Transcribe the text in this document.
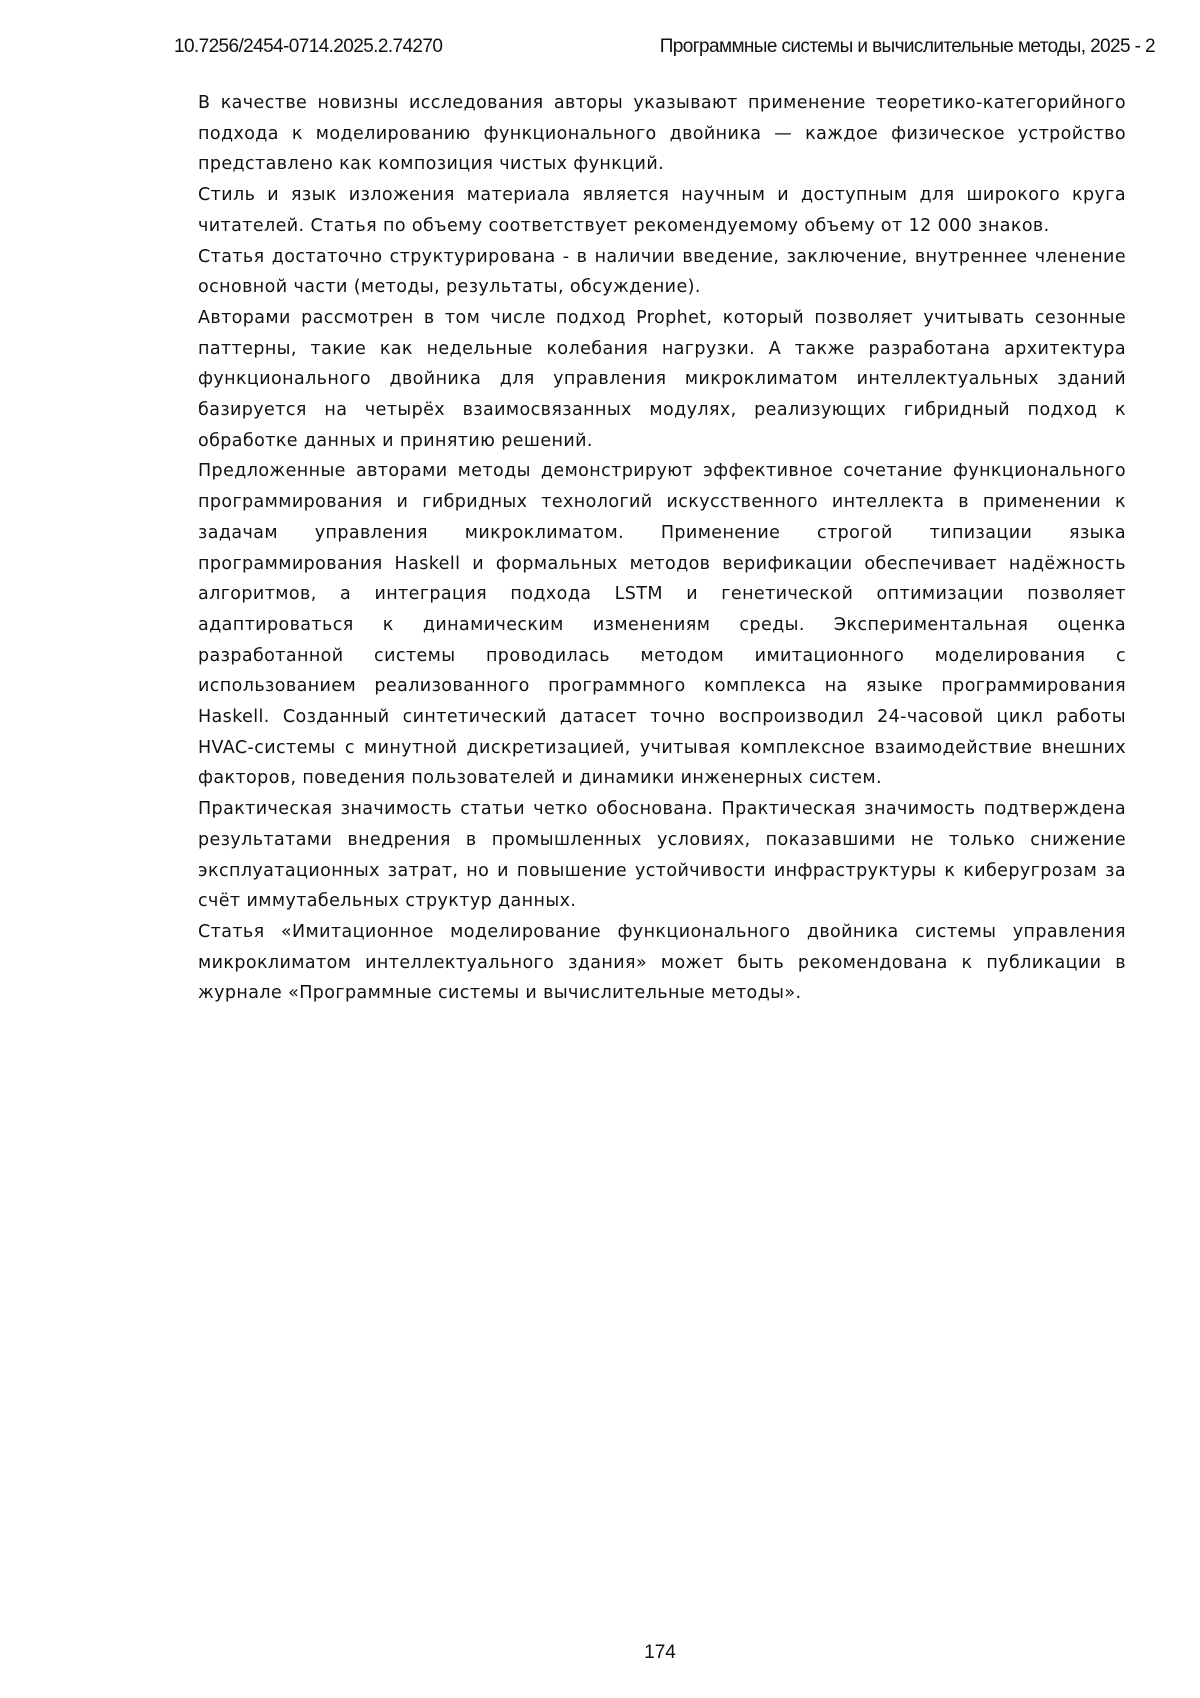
10.7256/2454-0714.2025.2.74270	Программные системы и вычислительные методы, 2025 - 2

В качестве новизны исследования авторы указывают применение теоретико-категорийного подхода к моделированию функционального двойника — каждое физическое устройство представлено как композиция чистых функций.

Стиль и язык изложения материала является научным и доступным для широкого круга читателей. Статья по объему соответствует рекомендуемому объему от 12 000 знаков.

Статья достаточно структурирована - в наличии введение, заключение, внутреннее членение основной части (методы, результаты, обсуждение).

Авторами рассмотрен в том числе подход Prophet, который позволяет учитывать сезонные паттерны, такие как недельные колебания нагрузки. А также разработана архитектура функционального двойника для управления микроклиматом интеллектуальных зданий базируется на четырёх взаимосвязанных модулях, реализующих гибридный подход к обработке данных и принятию решений.

Предложенные авторами методы демонстрируют эффективное сочетание функционального программирования и гибридных технологий искусственного интеллекта в применении к задачам управления микроклиматом. Применение строгой типизации языка программирования Haskell и формальных методов верификации обеспечивает надёжность алгоритмов, а интеграция подхода LSTM и генетической оптимизации позволяет адаптироваться к динамическим изменениям среды. Экспериментальная оценка разработанной системы проводилась методом имитационного моделирования с использованием реализованного программного комплекса на языке программирования Haskell. Созданный синтетический датасет точно воспроизводил 24-часовой цикл работы HVAC-системы с минутной дискретизацией, учитывая комплексное взаимодействие внешних факторов, поведения пользователей и динамики инженерных систем.

Практическая значимость статьи четко обоснована. Практическая значимость подтверждена результатами внедрения в промышленных условиях, показавшими не только снижение эксплуатационных затрат, но и повышение устойчивости инфраструктуры к киберугрозам за счёт иммутабельных структур данных.

Статья «Имитационное моделирование функционального двойника системы управления микроклиматом интеллектуального здания» может быть рекомендована к публикации в журнале «Программные системы и вычислительные методы».

174
